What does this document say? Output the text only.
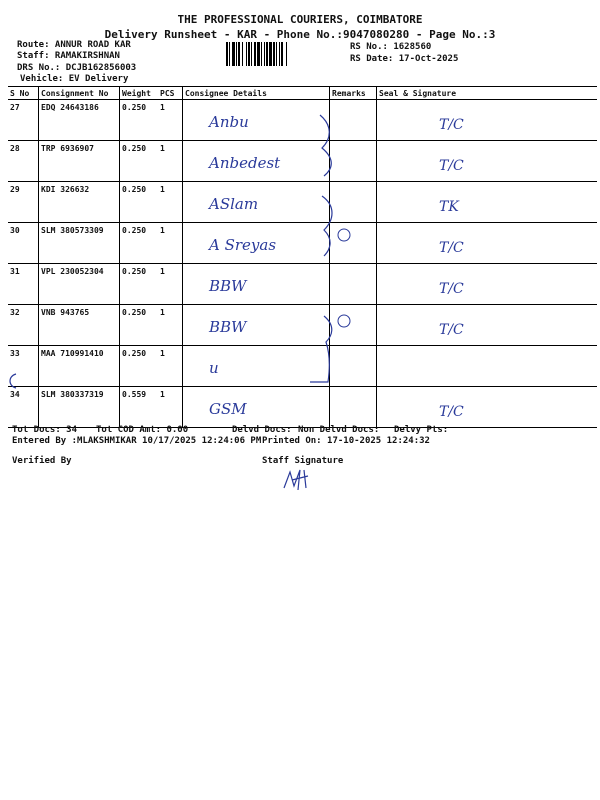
THE PROFESSIONAL COURIERS, COIMBATORE
Delivery Runsheet - KAR - Phone No.:9047080280 - Page No.:3
Route: ANNUR ROAD KAR
Staff: RAMAKIRSHNAN
DRS No.: DCJB162856003
Vehicle: EV Delivery
RS No.: 1628560
RS Date: 17-Oct-2025
S No	Consignment No	Weight	PCS	Consignee Details	Remarks	Seal & Signature
27	EDQ 24643186	0.250	1	Anbu		T/C
28	TRP 6936907	0.250	1	Anbedest		T/C
29	KDI 326632	0.250	1	ASlam		TK
30	SLM 380573309	0.250	1	A Sreyas		T/C
31	VPL 230052304	0.250	1	BBW		T/C
32	VNB 943765	0.250	1	BBW		T/C
33	MAA 710991410	0.250	1	u		
34	SLM 380337319	0.559	1	GSM		T/C
Tot Docs: 34 Tot COD Amt: 0.00	Delvd Docs: Non Delvd Docs: Delvy Pts:
Entered By :MLAKSHMIKAR 10/17/2025 12:24:06 PM Printed On: 17-10-2025 12:24:32
Verified By	Staff Signature
